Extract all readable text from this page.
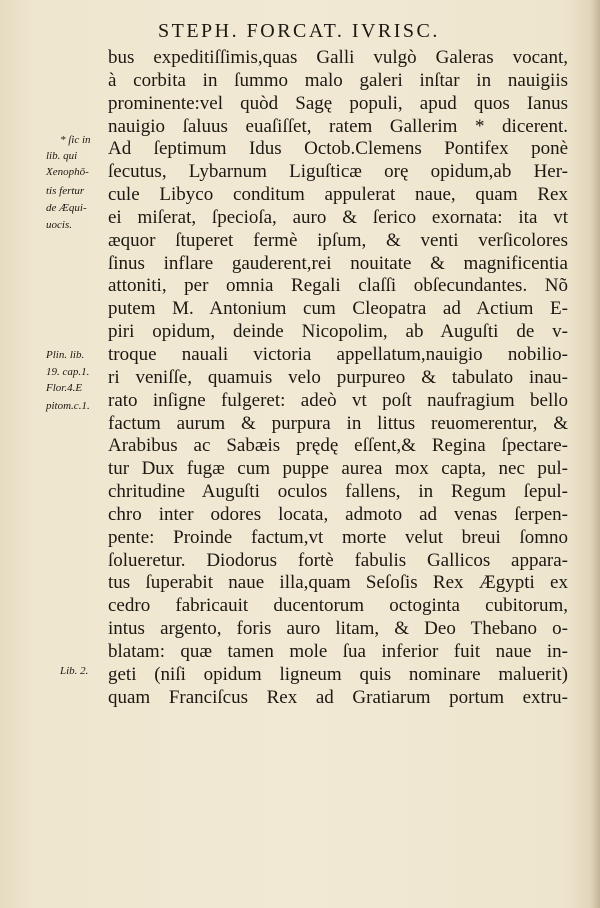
STEPH. FORCAT. IVRISC.
bus expeditiſſimis,quas Galli vulgò Galeras vocant,
à corbita in ſummo malo galeri inſtar in nauigiis
prominente:vel quòd Sagę populi, apud quos Ianus
nauigio ſaluus euaſiſſet, ratem Gallerim * dicerent.
Ad ſeptimum Idus Octob.Clemens Pontifex ponè
ſecutus, Lybarnum Liguſticæ orę opidum,ab Her-
cule Libyco conditum appulerat naue, quam Rex
ei miſerat, ſpecioſa, auro & ſerico exornata: ita vt
æquor ſtuperet fermè ipſum, & venti verſicolores
ſinus inflare gauderent,rei nouitate & magnificentia
attoniti, per omnia Regali claſſi obſecundantes. Nõ
putem M. Antonium cum Cleopatra ad Actium E-
piri opidum, deinde Nicopolim, ab Auguſti de v-
troque nauali victoria appellatum,nauigio nobilio-
ri veniſſe, quamuis velo purpureo & tabulato inau-
rato inſigne fulgeret: adeò vt poſt naufragium bello
factum aurum & purpura in littus reuomerentur, &
Arabibus ac Sabæis prędę eſſent,& Regina ſpectare-
tur Dux fugæ cum puppe aurea mox capta, nec pul-
chritudine Auguſti oculos fallens, in Regum ſepul-
chro inter odores locata, admoto ad venas ſerpen-
pente: Proinde factum,vt morte velut breui ſomno
ſolueretur. Diodorus fortè fabulis Gallicos appara-
tus ſuperabit naue illa,quam Seſoſis Rex Ægypti ex
cedro fabricauit ducentorum octoginta cubitorum,
intus argento, foris auro litam, & Deo Thebano o-
blatam: quæ tamen mole ſua inferior fuit naue in-
geti (niſi opidum ligneum quis nominare maluerit)
quam Franciſcus Rex ad Gratiarum portum extru-
* ſic in
lib. qui
Xenophō-
tis fertur
de Æqui-
uocis.
Plin. lib.
19. cap.1.
Flor.4.E
pitom.c.1.
Lib. 2.
